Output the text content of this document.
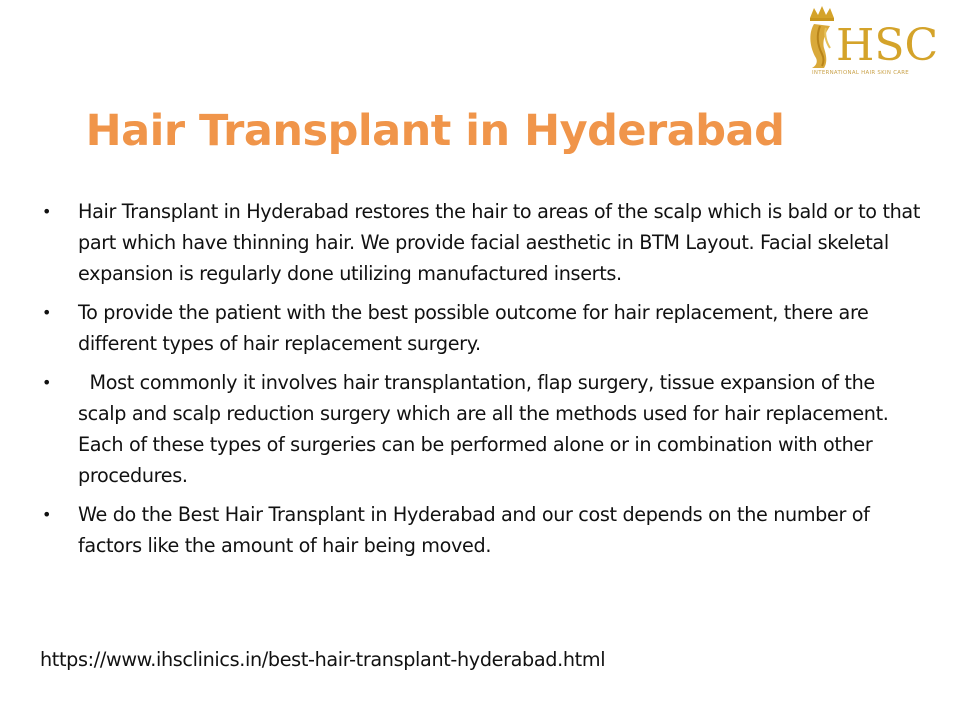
HSC
INTERNATIONAL HAIR SKIN CARE
Hair Transplant in Hyderabad
• Hair Transplant in Hyderabad restores the hair to areas of the scalp which is bald or to that part which have thinning hair. We provide facial aesthetic in BTM Layout. Facial skeletal expansion is regularly done utilizing manufactured inserts.
• To provide the patient with the best possible outcome for hair replacement, there are different types of hair replacement surgery.
• Most commonly it involves hair transplantation, flap surgery, tissue expansion of the scalp and scalp reduction surgery which are all the methods used for hair replacement. Each of these types of surgeries can be performed alone or in combination with other procedures.
• We do the Best Hair Transplant in Hyderabad and our cost depends on the number of factors like the amount of hair being moved.
https://www.ihsclinics.in/best-hair-transplant-hyderabad.html
